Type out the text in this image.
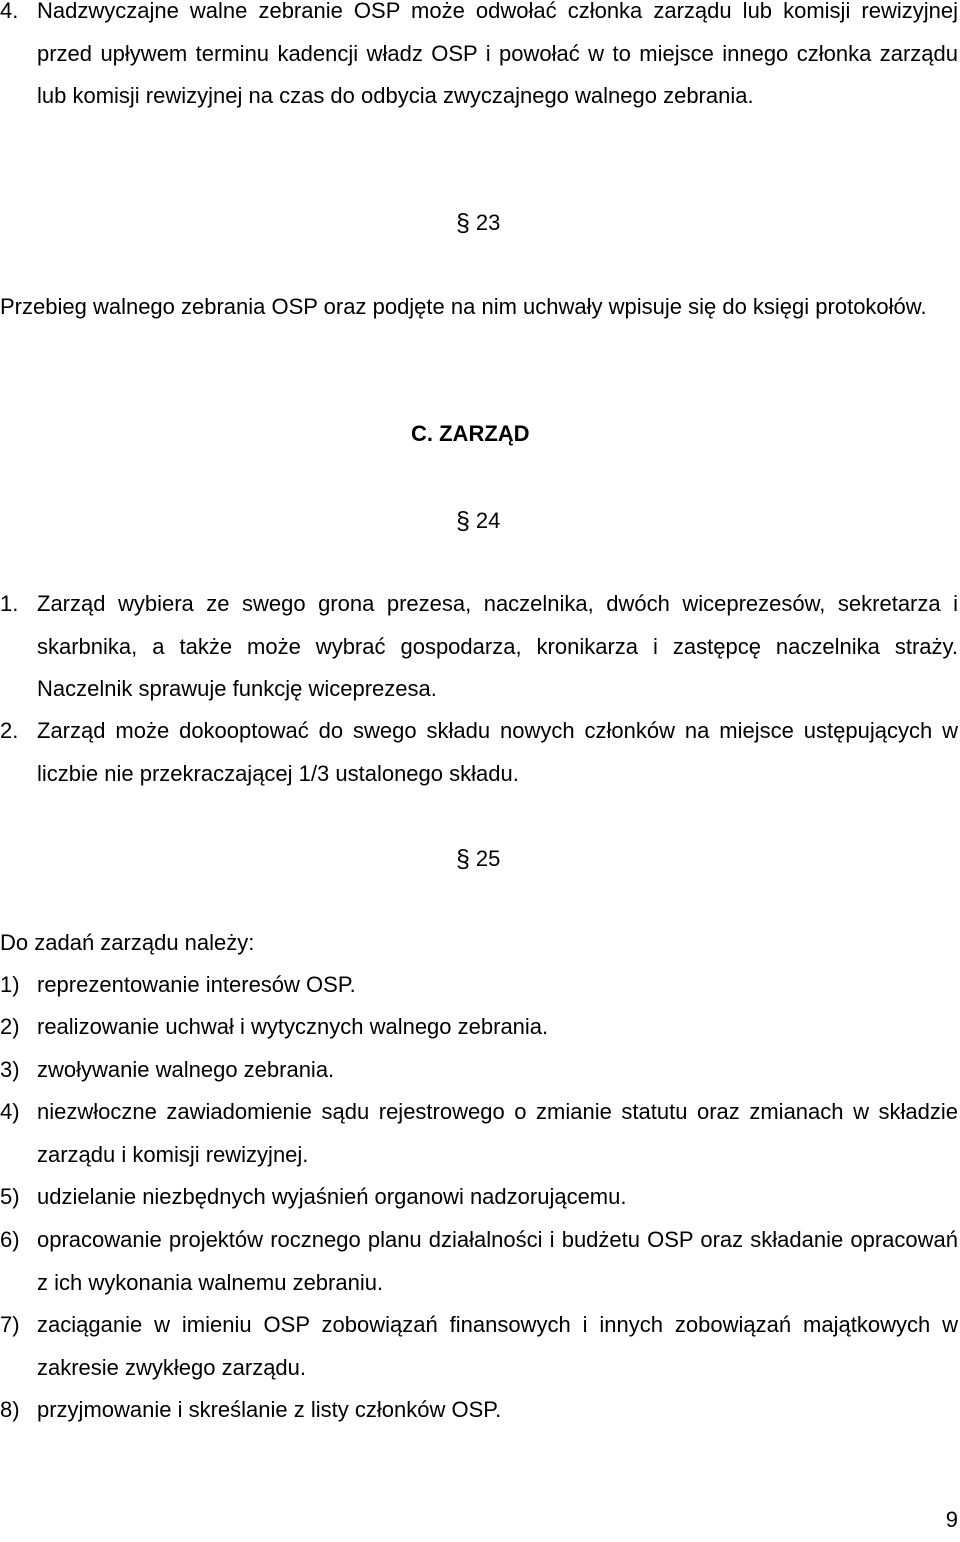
4. Nadzwyczajne walne zebranie OSP może odwołać członka zarządu lub komisji rewizyjnej przed upływem terminu kadencji władz OSP i powołać w to miejsce innego członka zarządu lub komisji rewizyjnej na czas do odbycia zwyczajnego walnego zebrania.
§ 23
Przebieg walnego zebrania OSP oraz podjęte na nim uchwały wpisuje się do księgi protokołów.
C. ZARZĄD
§ 24
1. Zarząd wybiera ze swego grona prezesa, naczelnika, dwóch wiceprezesów, sekretarza i skarbnika, a także może wybrać gospodarza, kronikarza i zastępcę naczelnika straży. Naczelnik sprawuje funkcję wiceprezesa.
2. Zarząd może dokooptować do swego składu nowych członków na miejsce ustępujących w liczbie nie przekraczającej 1/3 ustalonego składu.
§ 25
Do zadań zarządu należy:
1) reprezentowanie interesów OSP.
2) realizowanie uchwał i wytycznych walnego zebrania.
3) zwoływanie walnego zebrania.
4) niezwłoczne zawiadomienie sądu rejestrowego o zmianie statutu oraz zmianach w składzie zarządu i komisji rewizyjnej.
5) udzielanie niezbędnych wyjaśnień organowi nadzorującemu.
6) opracowanie projektów rocznego planu działalności i budżetu OSP oraz składanie opracowań z ich wykonania walnemu zebraniu.
7) zaciąganie w imieniu OSP zobowiązań finansowych i innych zobowiązań majątkowych w zakresie zwykłego zarządu.
8) przyjmowanie i skreślanie z listy członków OSP.
9
